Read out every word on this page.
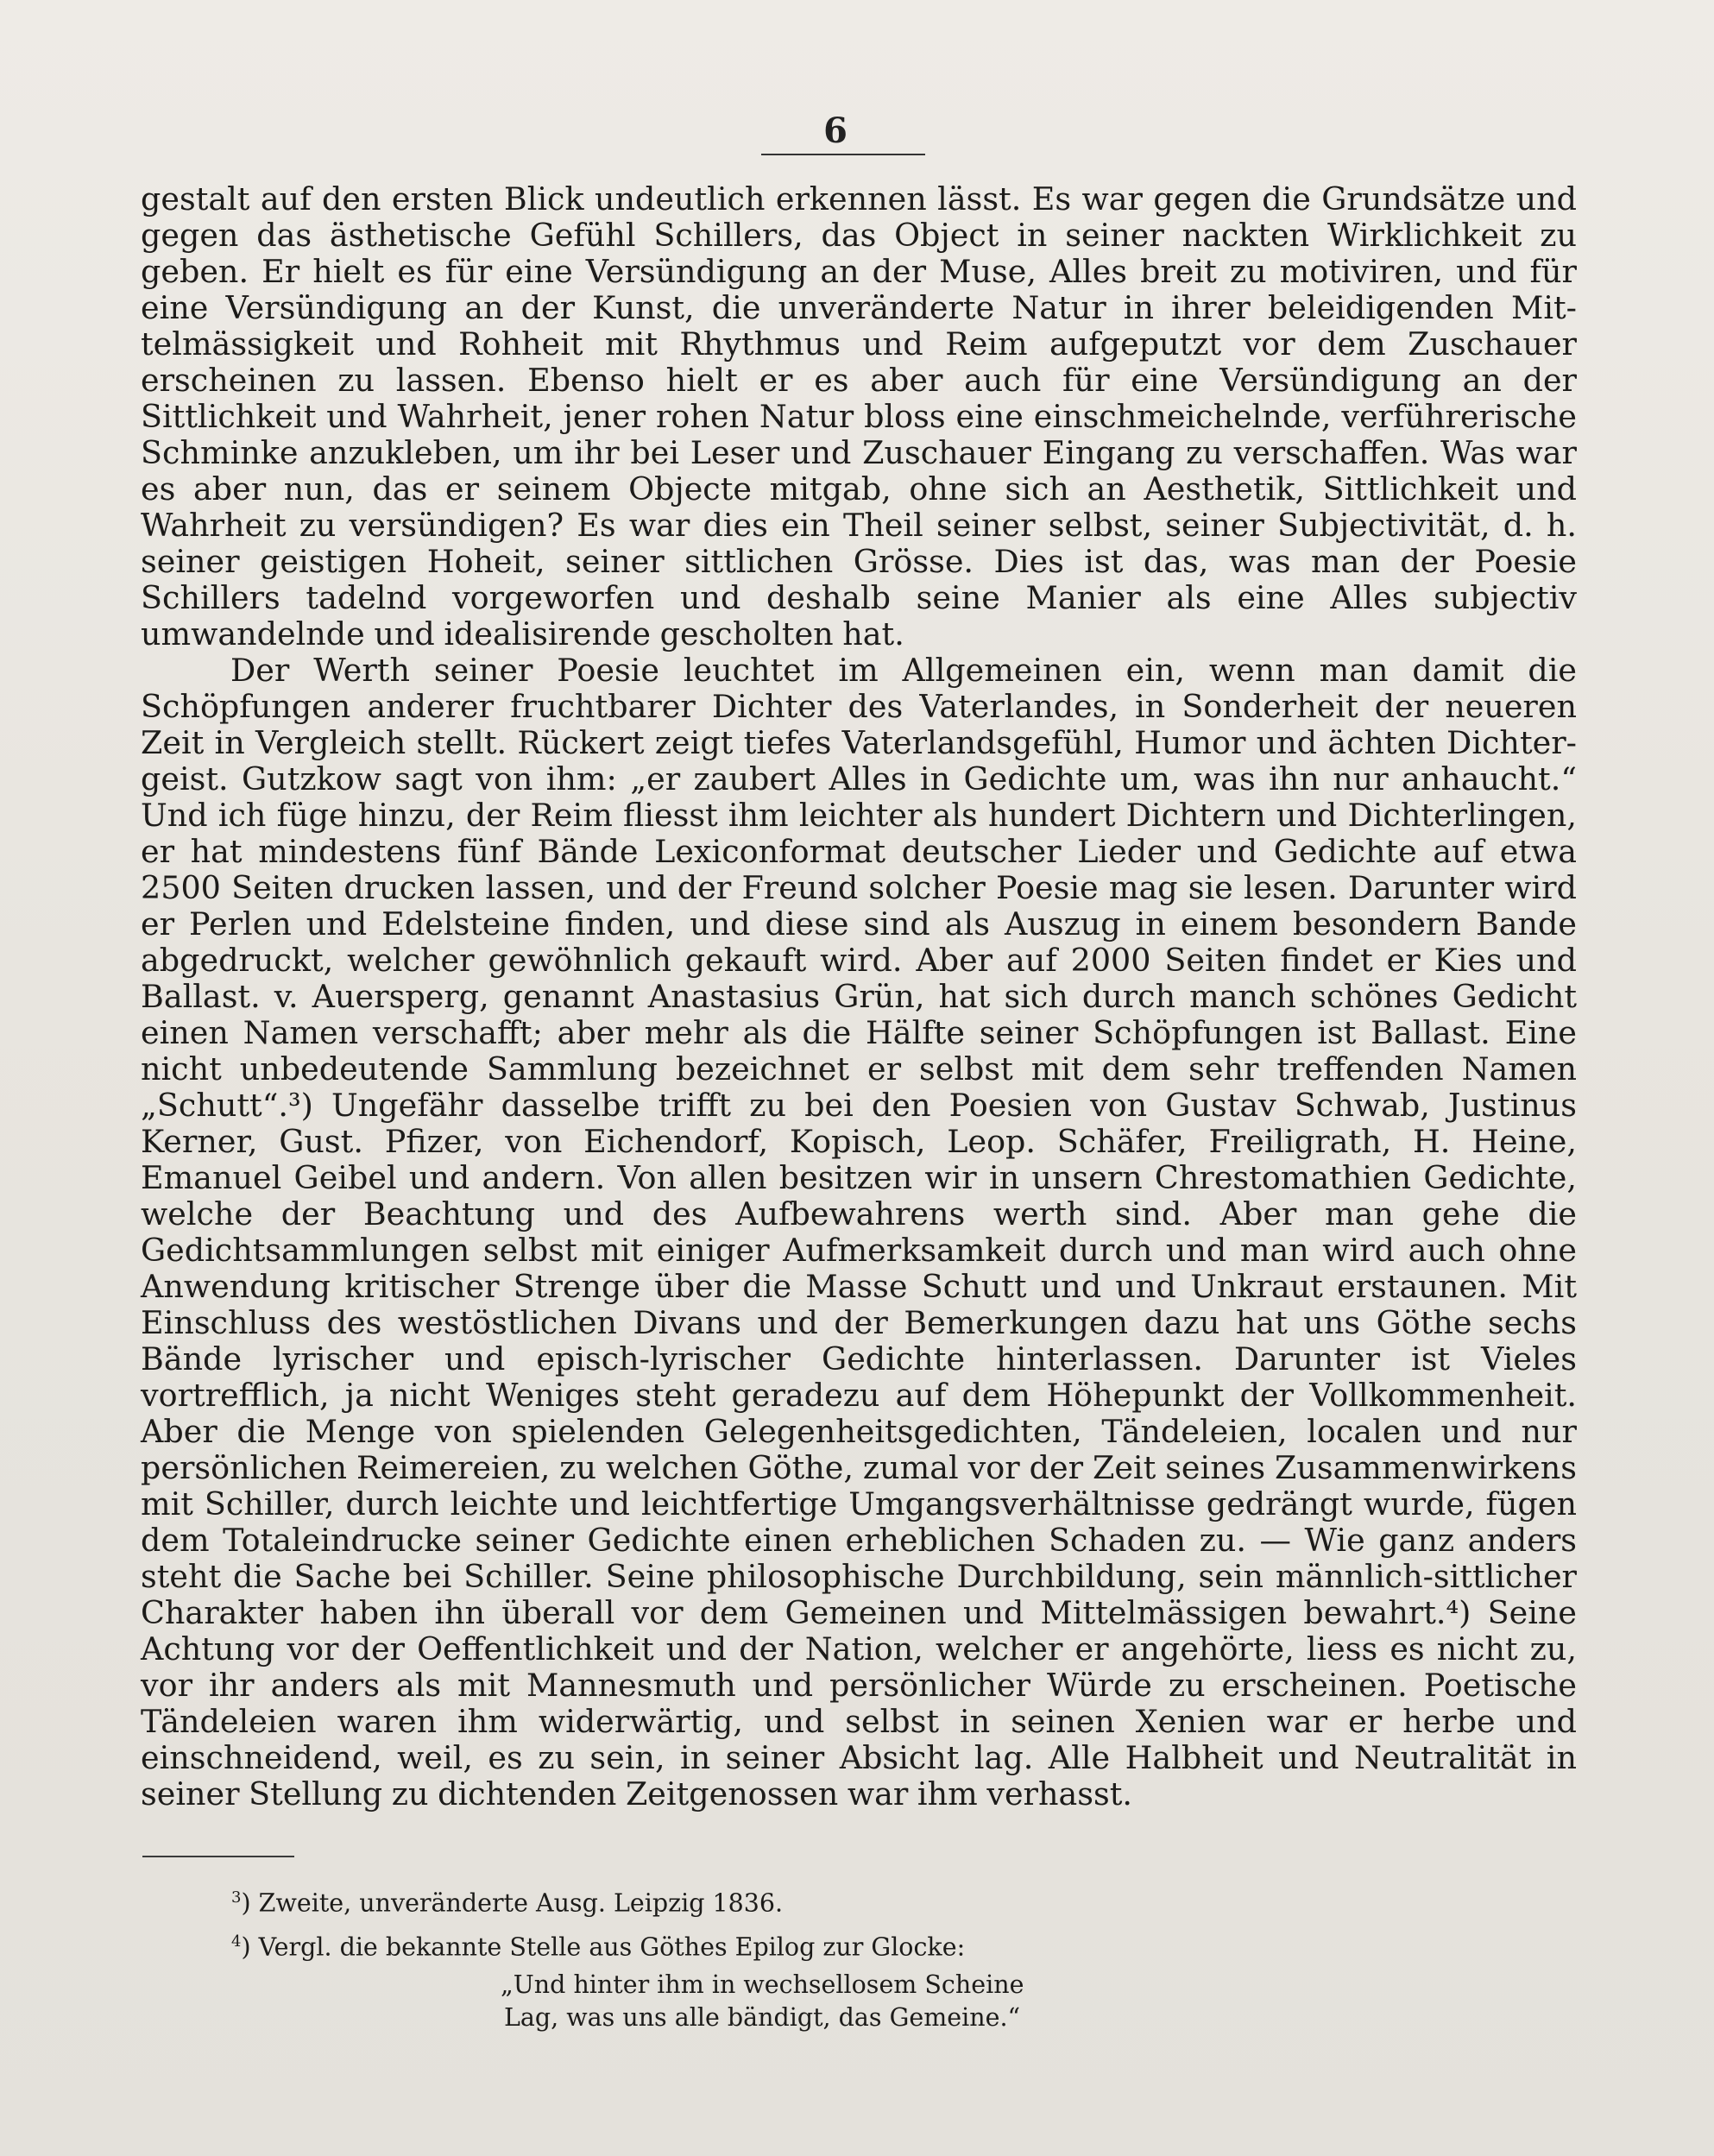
6

gestalt auf den ersten Blick undeutlich erkennen lässt. Es war gegen die Grundsätze und gegen das ästhetische Gefühl Schillers, das Object in seiner nackten Wirklichkeit zu geben. Er hielt es für eine Versündigung an der Muse, Alles breit zu motiviren, und für eine Versündigung an der Kunst, die unveränderte Natur in ihrer beleidigenden Mittelmässigkeit und Rohheit mit Rhythmus und Reim aufgeputzt vor dem Zuschauer erscheinen zu lassen. Ebenso hielt er es aber auch für eine Versündigung an der Sittlichkeit und Wahrheit, jener rohen Natur bloss eine einschmeichelnde, verführerische Schminke anzukleben, um ihr bei Leser und Zuschauer Eingang zu verschaffen. Was war es aber nun, das er seinem Objecte mitgab, ohne sich an Aesthetik, Sittlichkeit und Wahrheit zu versündigen? Es war dies ein Theil seiner selbst, seiner Subjectivität, d. h. seiner geistigen Hoheit, seiner sittlichen Grösse. Dies ist das, was man der Poesie Schillers tadelnd vorgeworfen und deshalb seine Manier als eine Alles subjectiv umwandelnde und idealisirende gescholten hat.

Der Werth seiner Poesie leuchtet im Allgemeinen ein, wenn man damit die Schöpfungen anderer fruchtbarer Dichter des Vaterlandes, in Sonderheit der neueren Zeit in Vergleich stellt. Rückert zeigt tiefes Vaterlandsgefühl, Humor und ächten Dichtergeist. Gutzkow sagt von ihm: „er zaubert Alles in Gedichte um, was ihn nur anhaucht.“ Und ich füge hinzu, der Reim fliesst ihm leichter als hundert Dichtern und Dichterlingen, er hat mindestens fünf Bände Lexiconformat deutscher Lieder und Gedichte auf etwa 2500 Seiten drucken lassen, und der Freund solcher Poesie mag sie lesen. Darunter wird er Perlen und Edelsteine finden, und diese sind als Auszug in einem besondern Bande abgedruckt, welcher gewöhnlich gekauft wird. Aber auf 2000 Seiten findet er Kies und Ballast. v. Auersperg, genannt Anastasius Grün, hat sich durch manch schönes Gedicht einen Namen verschafft; aber mehr als die Hälfte seiner Schöpfungen ist Ballast. Eine nicht unbedeutende Sammlung bezeichnet er selbst mit dem sehr treffenden Namen „Schutt“.³) Ungefähr dasselbe trifft zu bei den Poesien von Gustav Schwab, Justinus Kerner, Gust. Pfizer, von Eichendorf, Kopisch, Leop. Schäfer, Freiligrath, H. Heine, Emanuel Geibel und andern. Von allen besitzen wir in unsern Chrestomathien Gedichte, welche der Beachtung und des Aufbewahrens werth sind. Aber man gehe die Gedichtsammlungen selbst mit einiger Aufmerksamkeit durch und man wird auch ohne Anwendung kritischer Strenge über die Masse Schutt und und Unkraut erstaunen. Mit Einschluss des westöstlichen Divans und der Bemerkungen dazu hat uns Göthe sechs Bände lyrischer und episch-lyrischer Gedichte hinterlassen. Darunter ist Vieles vortrefflich, ja nicht Weniges steht geradezu auf dem Höhepunkt der Vollkommenheit. Aber die Menge von spielenden Gelegenheitsgedichten, Tändeleien, localen und nur persönlichen Reimereien, zu welchen Göthe, zumal vor der Zeit seines Zusammenwirkens mit Schiller, durch leichte und leichtfertige Umgangsverhältnisse gedrängt wurde, fügen dem Totaleindrucke seiner Gedichte einen erheblichen Schaden zu. — Wie ganz anders steht die Sache bei Schiller. Seine philosophische Durchbildung, sein männlich-sittlicher Charakter haben ihn überall vor dem Gemeinen und Mittelmässigen bewahrt.⁴) Seine Achtung vor der Oeffentlichkeit und der Nation, welcher er angehörte, liess es nicht zu, vor ihr anders als mit Mannesmuth und persönlicher Würde zu erscheinen. Poetische Tändeleien waren ihm widerwärtig, und selbst in seinen Xenien war er herbe und einschneidend, weil, es zu sein, in seiner Absicht lag. Alle Halbheit und Neutralität in seiner Stellung zu dichtenden Zeitgenossen war ihm verhasst.

$^3$) Zweite, unveränderte Ausg. Leipzig 1836.

$^4$) Vergl. die bekannte Stelle aus Göthes Epilog zur Glocke:

„Und hinter ihm in wechsellosem Scheine

Lag, was uns alle bändigt, das Gemeine.“
